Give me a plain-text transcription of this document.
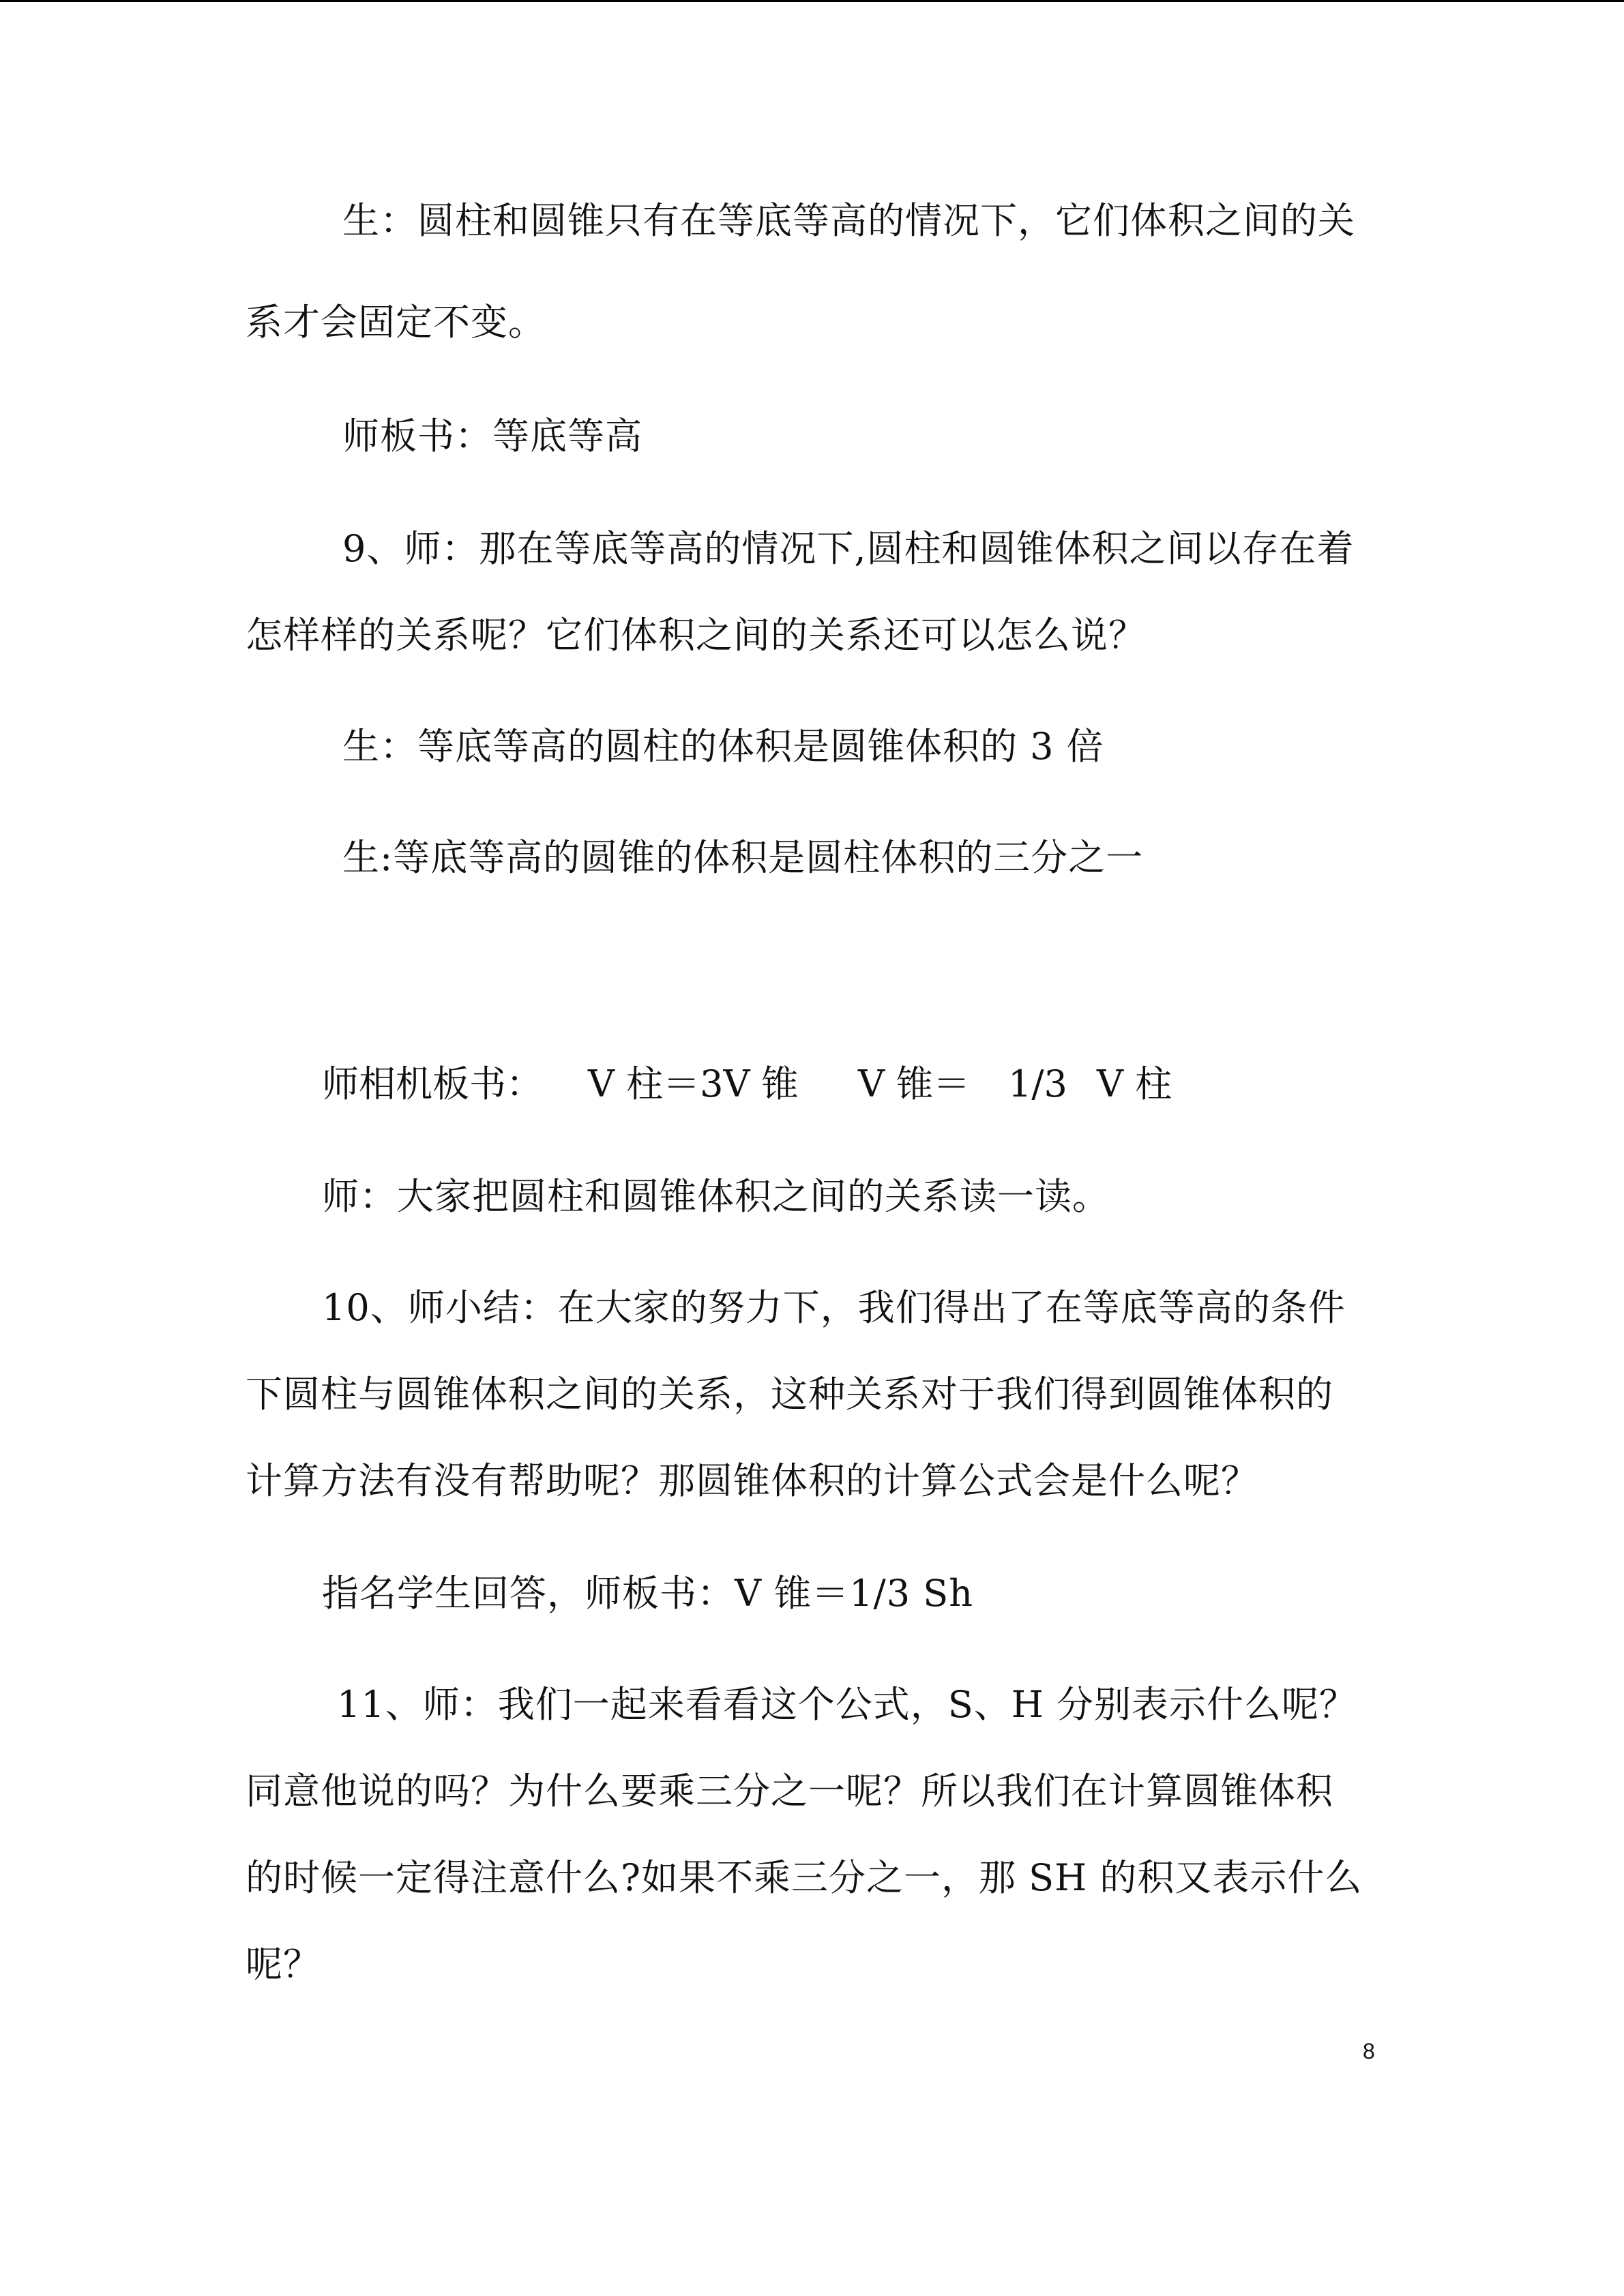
生：圆柱和圆锥只有在等底等高的情况下，它们体积之间的关
系才会固定不变。
师板书：等底等高
9、师：那在等底等高的情况下,圆柱和圆锥体积之间以存在着
怎样样的关系呢？它们体积之间的关系还可以怎么说？
生：等底等高的圆柱的体积是圆锥体积的 3 倍
生:等底等高的圆锥的体积是圆柱体积的三分之一
师相机板书： V 柱＝3V 锥 V 锥＝ 1/3 V 柱
师：大家把圆柱和圆锥体积之间的关系读一读。
10、师小结：在大家的努力下，我们得出了在等底等高的条件
下圆柱与圆锥体积之间的关系，这种关系对于我们得到圆锥体积的
计算方法有没有帮助呢？那圆锥体积的计算公式会是什么呢？
指名学生回答，师板书：V 锥＝1/3 Sh
11、师：我们一起来看看这个公式，S、H 分别表示什么呢？
同意他说的吗？为什么要乘三分之一呢？所以我们在计算圆锥体积
的时候一定得注意什么?如果不乘三分之一，那 SH 的积又表示什么
呢？
8
